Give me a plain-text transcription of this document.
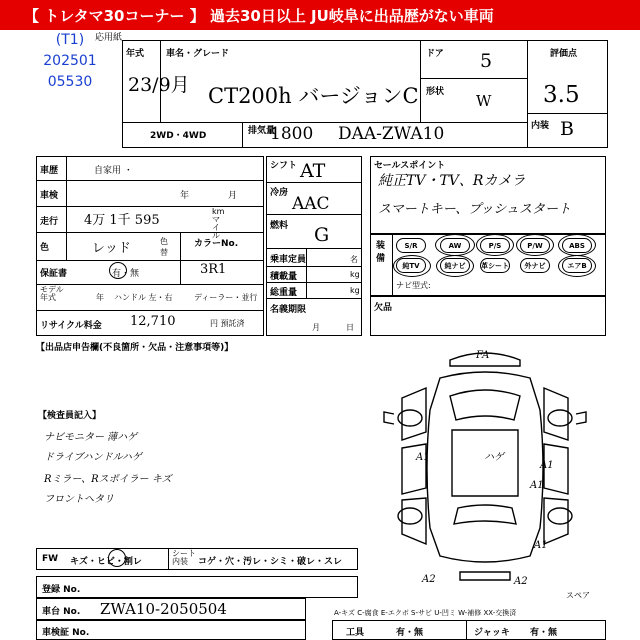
【 トレタマ30コーナー 】 過去30日以上 JU岐阜に出品歴がない車両
(T1)
202501
05530
応用紙
年式
23/9月
車名・グレード
CT200h バージョンC
ドア 5
形状 W
評価点
3.5
内装 B
2WD・4WD	排気量
1800 DAA-ZWA10
車歴	自家用 ・
車検	年	月
走行 4万 1千 595
km マイル
色	レッド	色替
カラーNo.
3R1
保証書	有・無
モデル年式	年 ハンドル 左・右	ディーラー・並行
リサイクル料金 12,710	円 預託済
【出品店申告欄(不良箇所・欠品・注意事項等)】
【検査員記入】
ナビモニター 薄ハゲ
ドライブハンドルハゲ
Rミラー、Rスポイラー キズ
フロントヘタリ
シフト AT
冷房
AAC
燃料 G
乗車定員	名
積載量	kg
総重量	kg
名義期限
月	日
セールスポイント
純正TV・TV、Rカメラ
スマートキー、プッシュスタート
装備
S/R	AW	P/S	P/W	ABS
純TV	純ナビ	革シート	外ナビ	エアB
ナビ型式:
欠品
FA
A1	ハゲ
A1
A1
A1
A2	A2
スペア
FW キズ・ヒビ・割レ
シート内装	コゲ・穴・汚レ・シミ・破レ・スレ
登録 No.
車台 No. ZWA10-2050504	A-キズ C-腐食 E-エクボ S-サビ U-凹ミ W-補修 XX-交換済
車検証 No.	工具	有・無	ジャッキ 有・無
